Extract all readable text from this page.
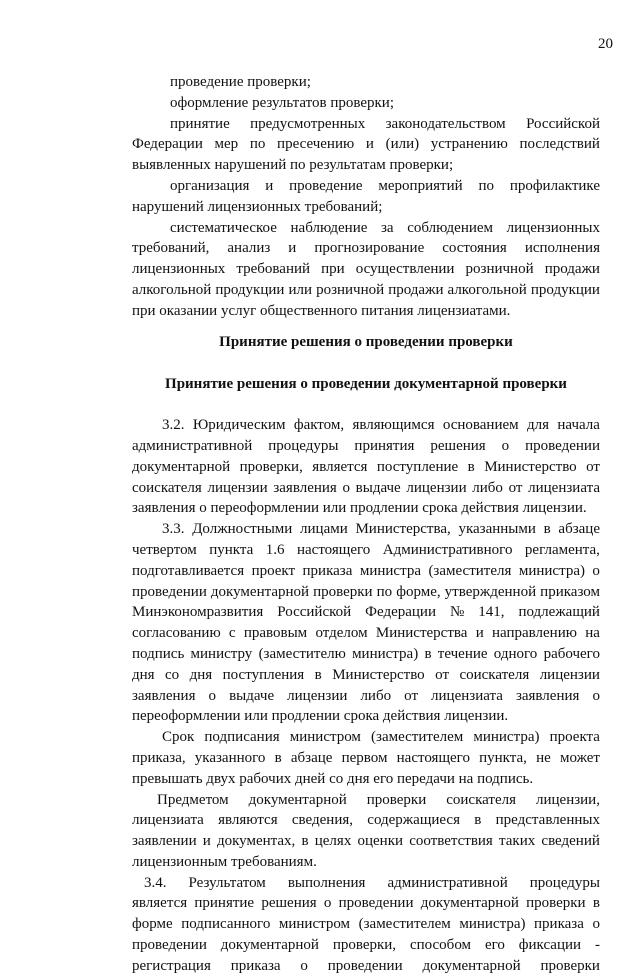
20
проведение проверки;
оформление результатов проверки;
принятие предусмотренных законодательством Российской
Федерации мер по пресечению и (или) устранению последствий
выявленных нарушений по результатам проверки;
организация и проведение мероприятий по профилактике
нарушений лицензионных требований;
систематическое наблюдение за соблюдением лицензионных
требований, анализ и прогнозирование состояния исполнения
лицензионных требований при осуществлении розничной продажи
алкогольной продукции или розничной продажи алкогольной продукции
при оказании услуг общественного питания лицензиатами.
Принятие решения о проведении проверки
Принятие решения о проведении документарной проверки
3.2. Юридическим фактом, являющимся основанием для начала
административной процедуры принятия решения о проведении
документарной проверки, является поступление в Министерство от
соискателя лицензии заявления о выдаче лицензии либо от лицензиата
заявления о переоформлении или продлении срока действия лицензии.
3.3. Должностными лицами Министерства, указанными в абзаце
четвертом пункта 1.6 настоящего Административного регламента,
подготавливается проект приказа министра (заместителя министра) о
проведении документарной проверки по форме, утвержденной приказом
Минэкономразвития Российской Федерации № 141, подлежащий
согласованию с правовым отделом Министерства и направлению на
подпись министру (заместителю министра) в течение одного рабочего
дня со дня поступления в Министерство от соискателя лицензии
заявления о выдаче лицензии либо от лицензиата заявления о
переоформлении или продлении срока действия лицензии.
Срок подписания министром (заместителем министра) проекта
приказа, указанного в абзаце первом настоящего пункта, не может
превышать двух рабочих дней со дня его передачи на подпись.
Предметом документарной проверки соискателя лицензии,
лицензиата являются сведения, содержащиеся в представленных
заявлении и документах, в целях оценки соответствия таких сведений
лицензионным требованиям.
3.4. Результатом выполнения административной процедуры
является принятие решения о проведении документарной проверки в
форме подписанного министром (заместителем министра) приказа о
проведении документарной проверки, способом его фиксации -
регистрация приказа о проведении документарной проверки
